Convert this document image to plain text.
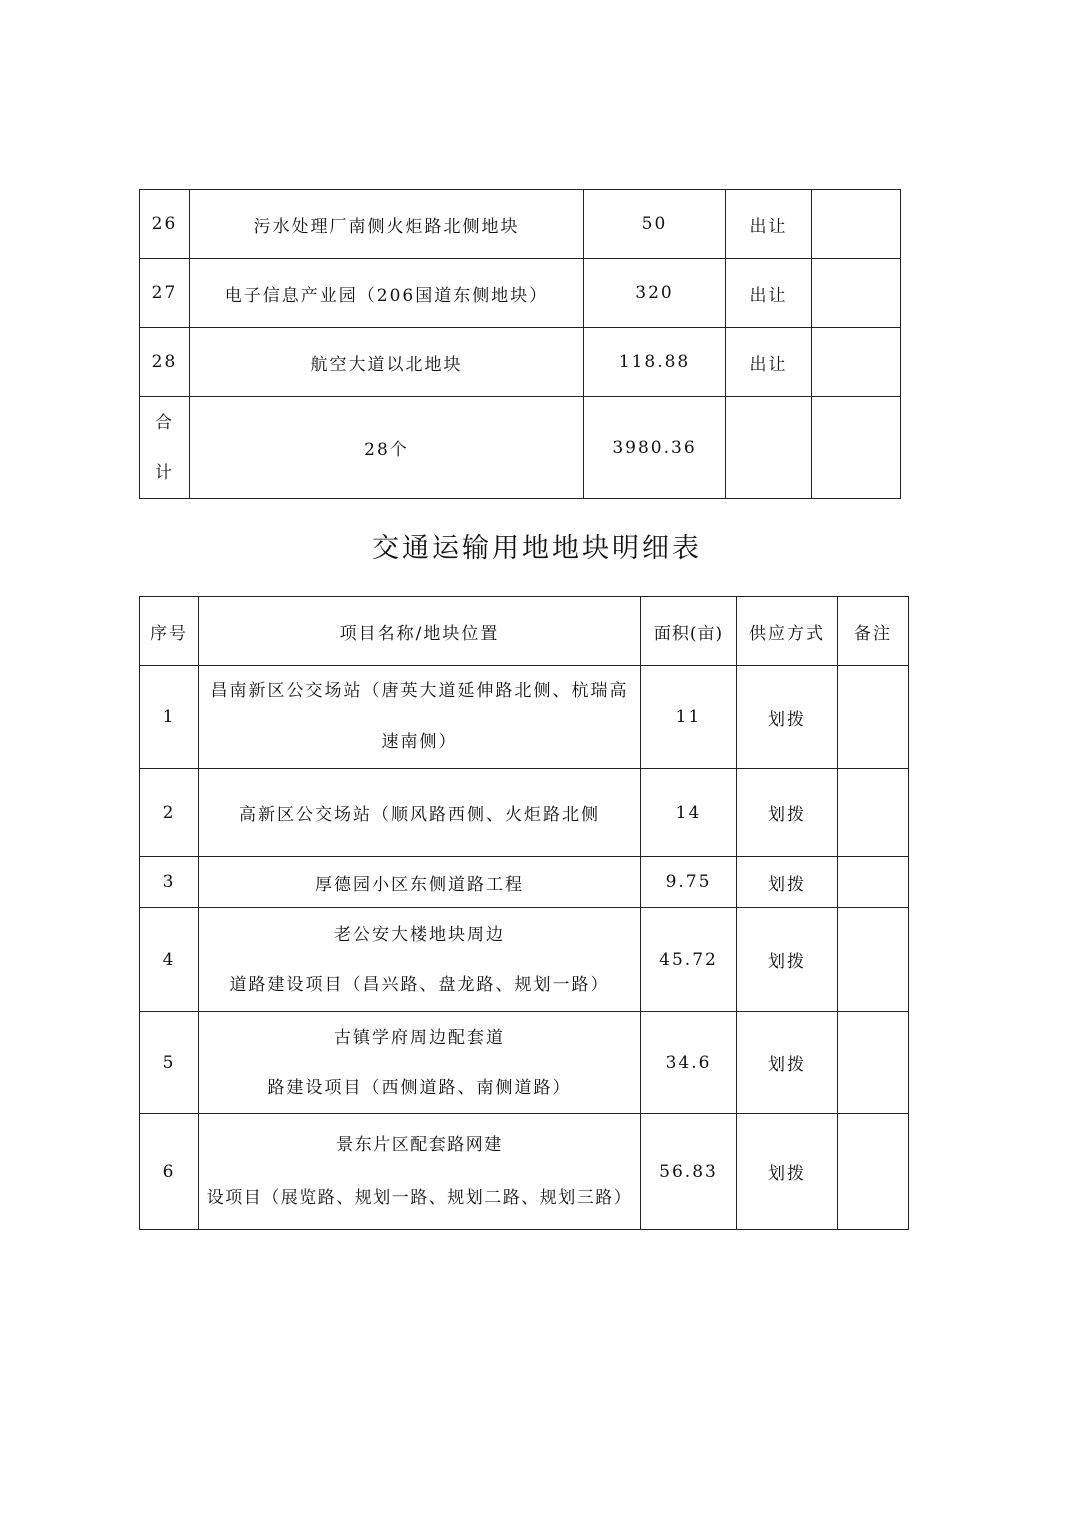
26	污水处理厂南侧火炬路北侧地块	50	出让	
27	电子信息产业园（206国道东侧地块）	320	出让	
28	航空大道以北地块	118.88	出让	

合
计	28个	3980.36		
交通运输用地地块明细表
序号	项目名称/地块位置	面积(亩)	供应方式	备注
1	昌南新区公交场站（唐英大道延伸路北侧、杭瑞高
速南侧）	11	划拨	
2	高新区公交场站（顺风路西侧、火炬路北侧	14	划拨	
3	厚德园小区东侧道路工程	9.75	划拨	
4	老公安大楼地块周边
道路建设项目（昌兴路、盘龙路、规划一路）	45.72	划拨	
5	古镇学府周边配套道
路建设项目（西侧道路、南侧道路）	34.6	划拨	
6	景东片区配套路网建
设项目（展览路、规划一路、规划二路、规划三路）	56.83	划拨	
